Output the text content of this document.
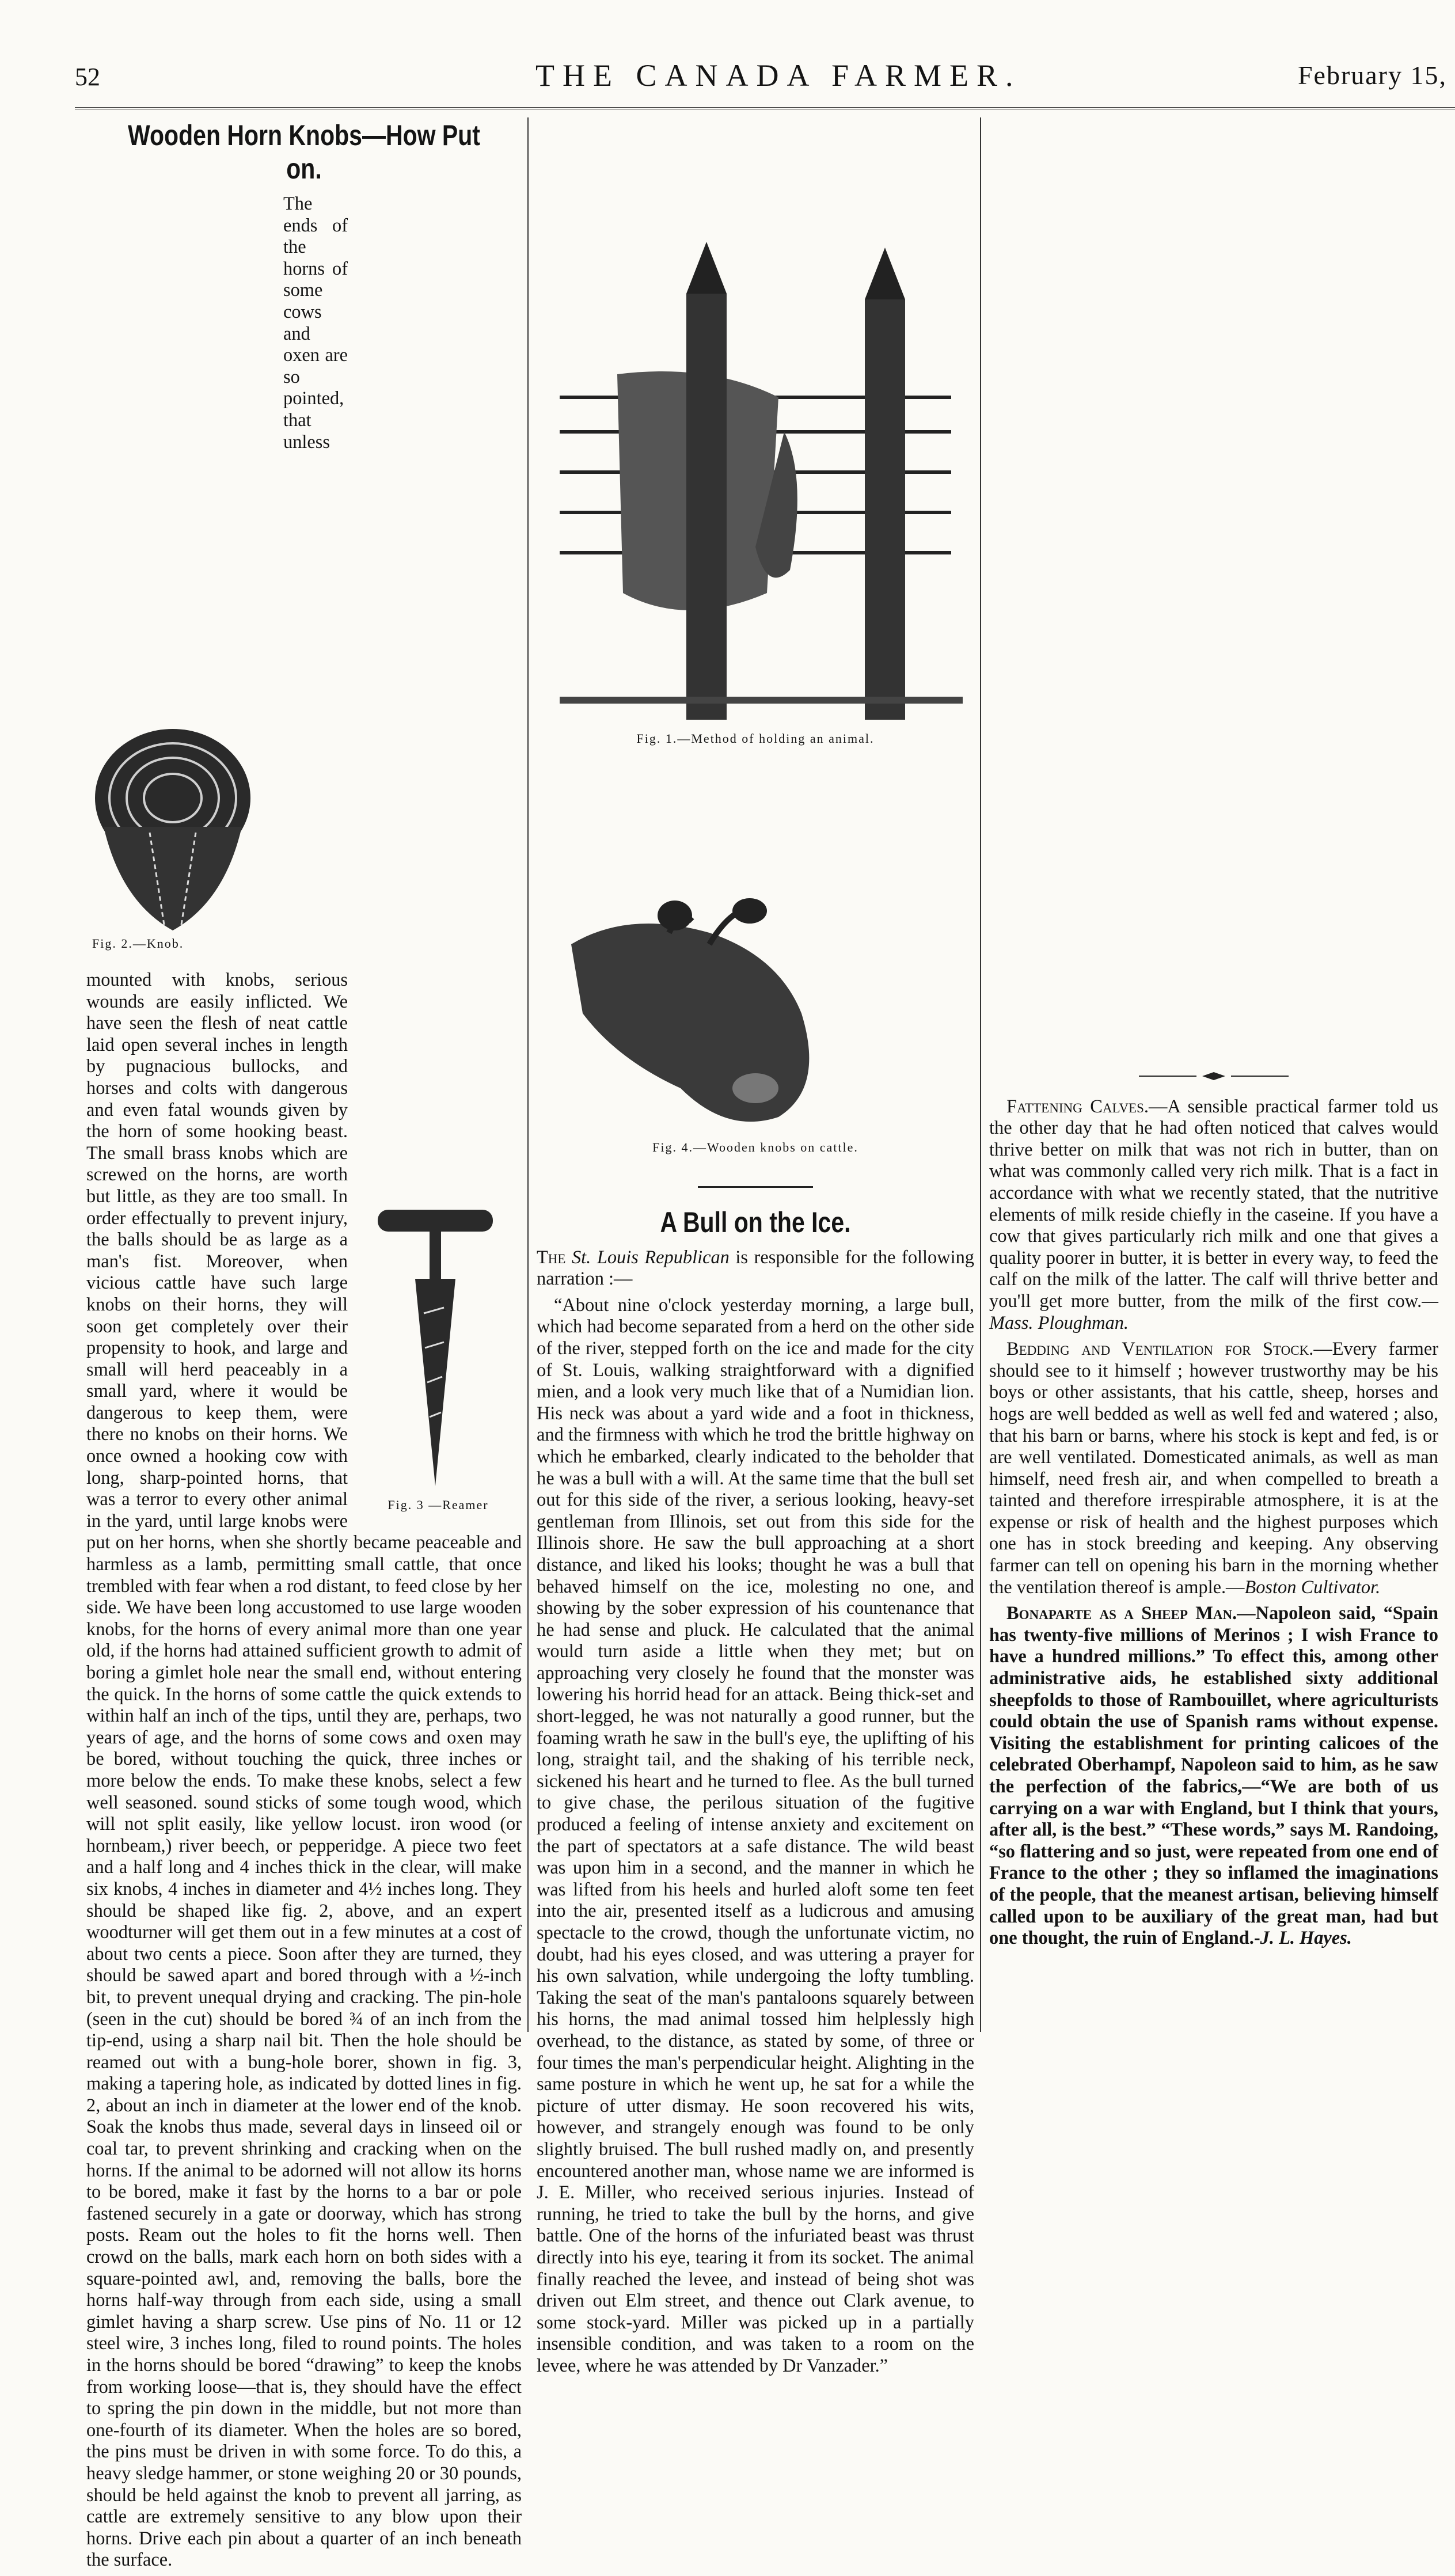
52	THE CANADA FARMER.	February 15,
Wooden Horn Knobs—How Put on.
Fig. 2.—Knob.
Fig. 3 —Reamer

The ends of the horns of some cows and oxen are so pointed, that unless mounted with knobs, serious wounds are easily inflicted. We have seen the flesh of neat cattle laid open several inches in length by pugnacious bullocks, and horses and colts with dangerous and even fatal wounds given by the horn of some hooking beast. The small brass knobs which are screwed on the horns, are worth but little, as they are too small. In order effectually to prevent injury, the balls should be as large as a man's fist. Moreover, when vicious cattle have such large knobs on their horns, they will soon get completely over their propensity to hook, and large and small will herd peaceably in a small yard, where it would be dangerous to keep them, were there no knobs on their horns. We once owned a hooking cow with long, sharp-pointed horns, that was a terror to every other animal in the yard, until large knobs were put on her horns, when she shortly became peaceable and harmless as a lamb, permitting small cattle, that once trembled with fear when a rod distant, to feed close by her side. We have been long accustomed to use large wooden knobs, for the horns of every animal more than one year old, if the horns had attained sufficient growth to admit of boring a gimlet hole near the small end, without entering the quick. In the horns of some cattle the quick extends to within half an inch of the tips, until they are, perhaps, two years of age, and the horns of some cows and oxen may be bored, without touching the quick, three inches or more below the ends. To make these knobs, select a few well seasoned. sound sticks of some tough wood, which will not split easily, like yellow locust. iron wood (or hornbeam,) river beech, or pepperidge. A piece two feet and a half long and 4 inches thick in the clear, will make six knobs, 4 inches in diameter and 4½ inches long. They should be shaped like fig. 2, above, and an expert woodturner will get them out in a few minutes at a cost of about two cents a piece. Soon after they are turned, they should be sawed apart and bored through with a ½-inch bit, to prevent unequal drying and cracking. The pin-hole (seen in the cut) should be bored ¾ of an inch from the tip-end, using a sharp nail bit. Then the hole should be reamed out with a bung-hole borer, shown in fig. 3, making a tapering hole, as indicated by dotted lines in fig. 2, about an inch in diameter at the lower end of the knob. Soak the knobs thus made, several days in linseed oil or coal tar, to prevent shrinking and cracking when on the horns. If the animal to be adorned will not allow its horns to be bored, make it fast by the horns to a bar or pole fastened securely in a gate or doorway, which has strong posts. Ream out the holes to fit the horns well. Then crowd on the balls, mark each horn on both sides with a square-pointed awl, and, removing the balls, bore the horns half-way through from each side, using a small gimlet having a sharp screw. Use pins of No. 11 or 12 steel wire, 3 inches long, filed to round points. The holes in the horns should be bored “drawing” to keep the knobs from working loose—that is, they should have the effect to spring the pin down in the middle, but not more than one-fourth of its diameter. When the holes are so bored, the pins must be driven in with some force. To do this, a heavy sledge hammer, or stone weighing 20 or 30 pounds, should be held against the knob to prevent all jarring, as cattle are extremely sensitive to any blow upon their horns. Drive each pin about a quarter of an inch beneath the surface.

Fig. 1.—Method of holding an animal.
Fig. 4.—Wooden knobs on cattle.
A Bull on the Ice.

The St. Louis Republican is responsible for the following narration :—

“About nine o'clock yesterday morning, a large bull, which had become separated from a herd on the other side of the river, stepped forth on the ice and made for the city of St. Louis, walking straightforward with a dignified mien, and a look very much like that of a Numidian lion. His neck was about a yard wide and a foot in thickness, and the firmness with which he trod the brittle highway on which he embarked, clearly indicated to the beholder that he was a bull with a will. At the same time that the bull set out for this side of the river, a serious looking, heavy-set gentleman from Illinois, set out from this side for the Illinois shore. He saw the bull approaching at a short distance, and liked his looks; thought he was a bull that behaved himself on the ice, molesting no one, and showing by the sober expression of his countenance that he had sense and pluck. He calculated that the animal would turn aside a little when they met; but on approaching very closely he found that the monster was lowering his horrid head for an attack. Being thick-set and short-legged, he was not naturally a good runner, but the foaming wrath he saw in the bull's eye, the uplifting of his long, straight tail, and the shaking of his terrible neck, sickened his heart and he turned to flee. As the bull turned to give chase, the perilous situation of the fugitive produced a feeling of intense anxiety and excitement on the part of spectators at a safe distance. The wild beast was upon him in a second, and the manner in which he was lifted from his heels and hurled aloft some ten feet into the air, presented itself as a ludicrous and amusing spectacle to the crowd, though the unfortunate victim, no doubt, had his eyes closed, and was uttering a prayer for his own salvation, while undergoing the lofty tumbling. Taking the seat of the man's pantaloons squarely between his horns, the mad animal tossed him helplessly high overhead, to the distance, as stated by some, of three or four times the man's perpendicular height. Alighting in the same posture in which he went up, he sat for a while the picture of utter dismay. He soon recovered his wits, however, and strangely enough was found to be only slightly bruised. The bull rushed madly on, and presently encountered another man, whose name we are informed is J. E. Miller, who received serious injuries. Instead of running, he tried to take the bull by the horns, and give battle. One of the horns of the infuriated beast was thrust directly into his eye, tearing it from its socket. The animal finally reached the levee, and instead of being shot was driven out Elm street, and thence out Clark avenue, to some stock-yard. Miller was picked up in a partially insensible condition, and was taken to a room on the levee, where he was attended by Dr Vanzader.”

Fattening Calves.—A sensible practical farmer told us the other day that he had often noticed that calves would thrive better on milk that was not rich in butter, than on what was commonly called very rich milk. That is a fact in accordance with what we recently stated, that the nutritive elements of milk reside chiefly in the caseine. If you have a cow that gives particularly rich milk and one that gives a quality poorer in butter, it is better in every way, to feed the calf on the milk of the latter. The calf will thrive better and you'll get more butter, from the milk of the first cow.—Mass. Ploughman.

Bedding and Ventilation for Stock.—Every farmer should see to it himself ; however trustworthy may be his boys or other assistants, that his cattle, sheep, horses and hogs are well bedded as well as well fed and watered ; also, that his barn or barns, where his stock is kept and fed, is or are well ventilated. Domesticated animals, as well as man himself, need fresh air, and when compelled to breath a tainted and therefore irrespirable atmosphere, it is at the expense or risk of health and the highest purposes which one has in stock breeding and keeping. Any observing farmer can tell on opening his barn in the morning whether the ventilation thereof is ample.—Boston Cultivator.

Bonaparte as a Sheep Man.—Napoleon said, “Spain has twenty-five millions of Merinos ; I wish France to have a hundred millions.” To effect this, among other administrative aids, he established sixty additional sheepfolds to those of Rambouillet, where agriculturists could obtain the use of Spanish rams without expense. Visiting the establishment for printing calicoes of the celebrated Oberhampf, Napoleon said to him, as he saw the perfection of the fabrics,—“We are both of us carrying on a war with England, but I think that yours, after all, is the best.” “These words,” says M. Randoing, “so flattering and so just, were repeated from one end of France to the other ; they so inflamed the imaginations of the people, that the meanest artisan, believing himself called upon to be auxiliary of the great man, had but one thought, the ruin of England.-J. L. Hayes.
